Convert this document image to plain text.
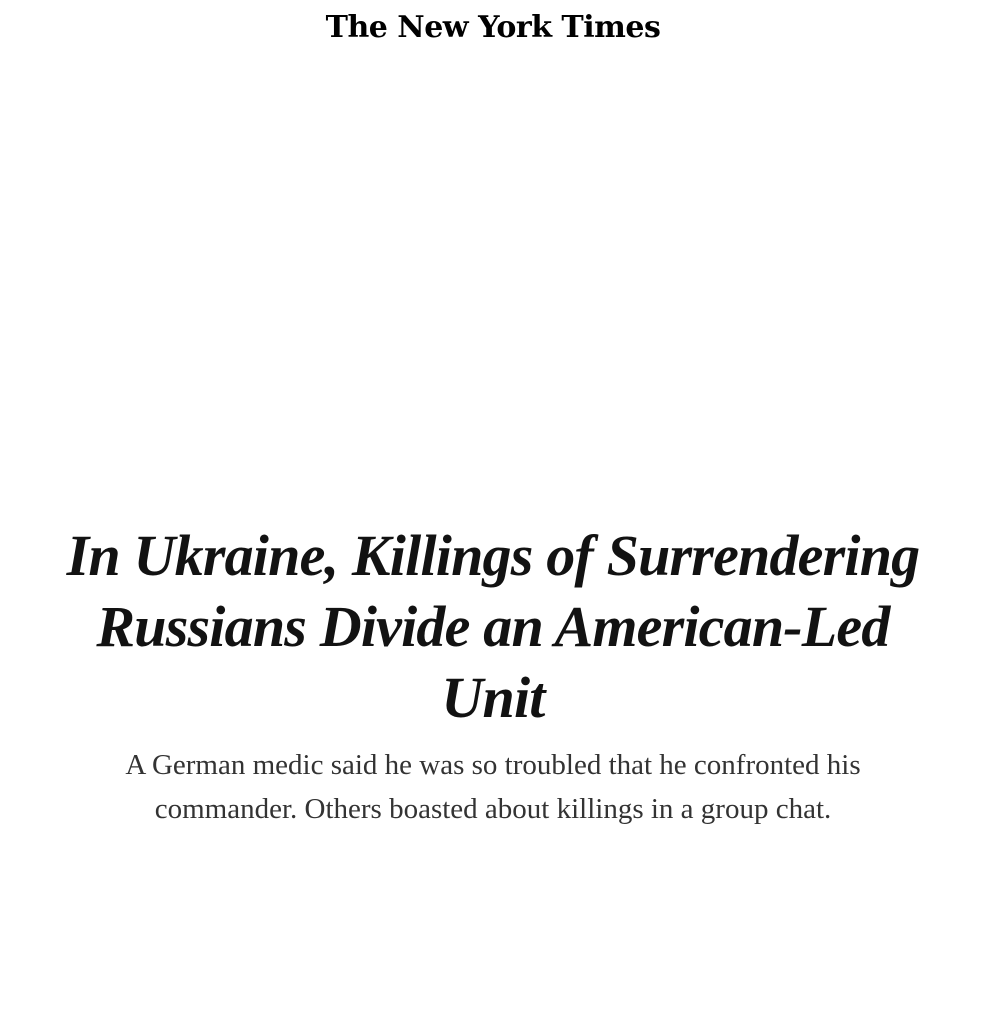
The New York Times
In Ukraine, Killings of Surrendering Russians Divide an American-Led Unit

A German medic said he was so troubled that he confronted his commander. Others boasted about killings in a group chat.
